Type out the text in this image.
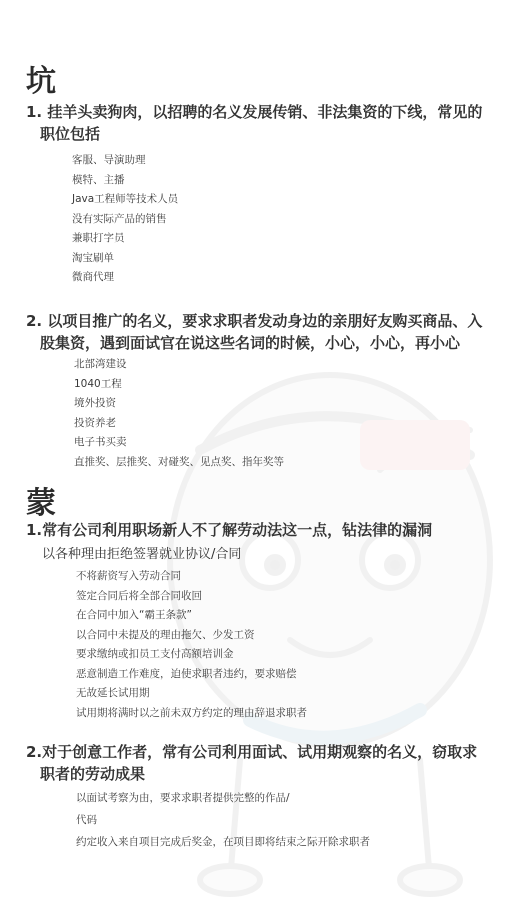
坑
1. 挂羊头卖狗肉，以招聘的名义发展传销、非法集资的下线，常见的
职位包括
客服、导演助理
模特、主播
Java工程师等技术人员
没有实际产品的销售
兼职打字员
淘宝刷单
微商代理
2. 以项目推广的名义，要求求职者发动身边的亲朋好友购买商品、入
股集资，遇到面试官在说这些名词的时候，小心，小心，再小心
北部湾建设
1040工程
境外投资
投资养老
电子书买卖
直推奖、层推奖、对碰奖、见点奖、指年奖等
蒙
1.常有公司利用职场新人不了解劳动法这一点，钻法律的漏洞
以各种理由拒绝签署就业协议/合同
不将薪资写入劳动合同
签定合同后将全部合同收回
在合同中加入“霸王条款”
以合同中未提及的理由拖欠、少发工资
要求缴纳或扣员工支付高额培训金
恶意制造工作难度，迫使求职者违约，要求赔偿
无故延长试用期
试用期将满时以之前未双方约定的理由辞退求职者
2.对于创意工作者，常有公司利用面试、试用期观察的名义，窃取求
职者的劳动成果
以面试考察为由，要求求职者提供完整的作品/
代码
约定收入来自项目完成后奖金，在项目即将结束之际开除求职者
